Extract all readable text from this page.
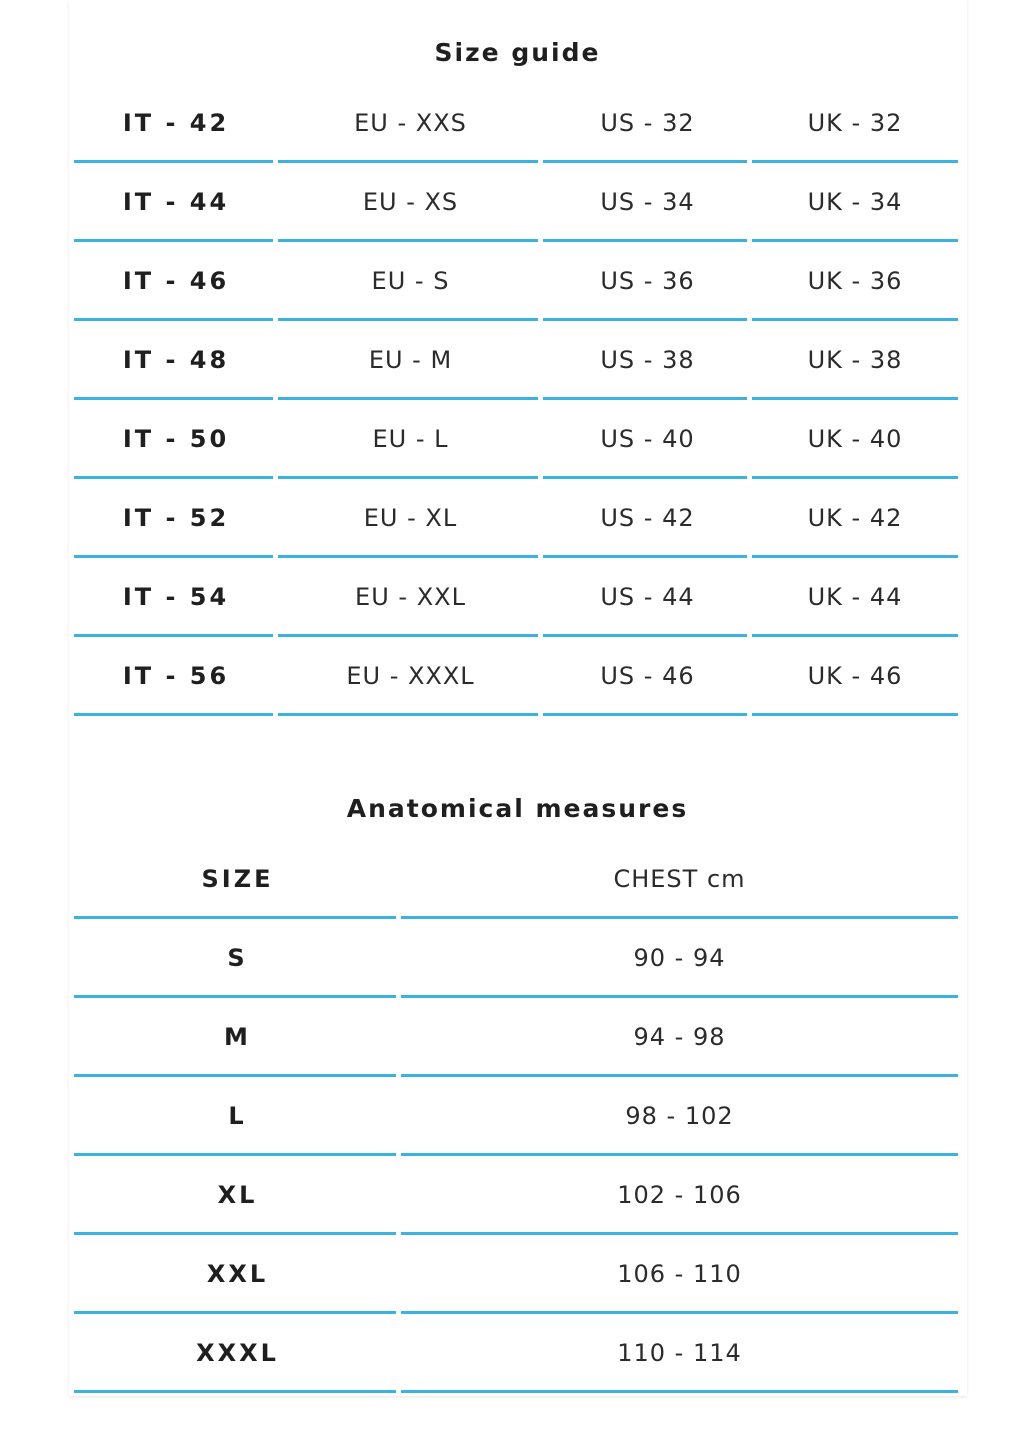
Size guide
IT - 42	EU - XXS	US - 32	UK - 32
IT - 44	EU - XS	US - 34	UK - 34
IT - 46	EU - S	US - 36	UK - 36
IT - 48	EU - M	US - 38	UK - 38
IT - 50	EU - L	US - 40	UK - 40
IT - 52	EU - XL	US - 42	UK - 42
IT - 54	EU - XXL	US - 44	UK - 44
IT - 56	EU - XXXL	US - 46	UK - 46
Anatomical measures
SIZE	CHEST cm
S	90 - 94
M	94 - 98
L	98 - 102
XL	102 - 106
XXL	106 - 110
XXXL	110 - 114
